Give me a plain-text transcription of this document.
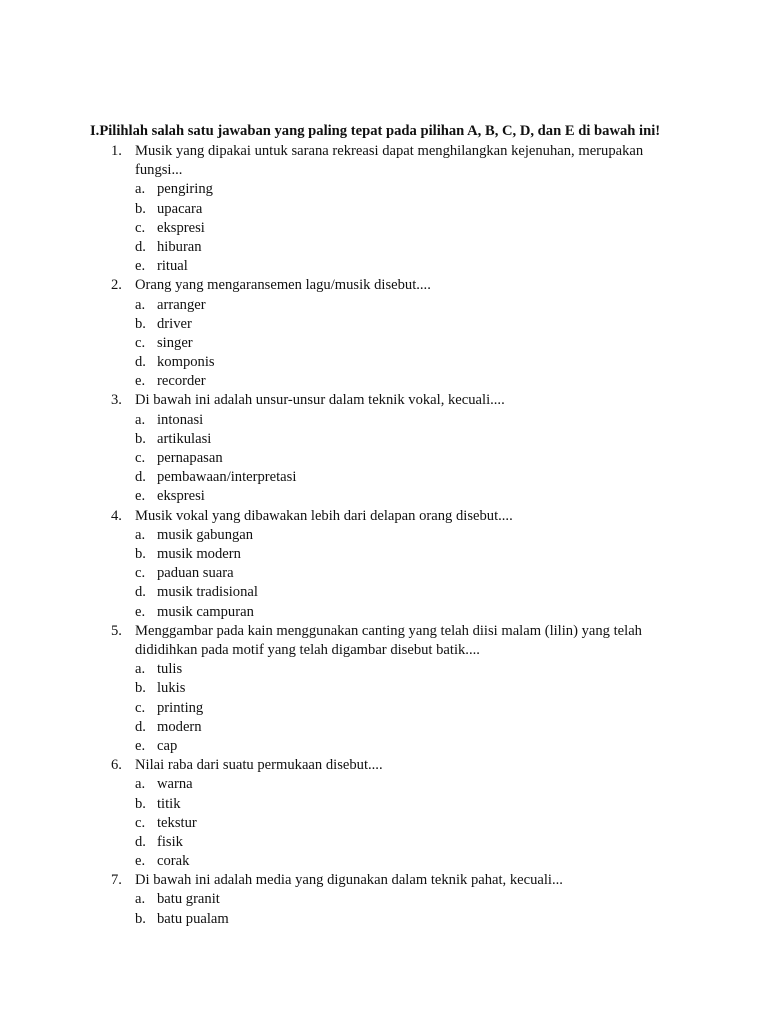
I.Pilihlah salah satu jawaban yang paling tepat pada pilihan A, B, C, D, dan E di bawah ini!
1. Musik yang dipakai untuk sarana rekreasi dapat menghilangkan kejenuhan, merupakan fungsi...
a. pengiring
b. upacara
c. ekspresi
d. hiburan
e. ritual
2. Orang yang mengaransemen lagu/musik disebut....
a. arranger
b. driver
c. singer
d. komponis
e. recorder
3. Di bawah ini adalah unsur-unsur dalam teknik vokal, kecuali....
a. intonasi
b. artikulasi
c. pernapasan
d. pembawaan/interpretasi
e. ekspresi
4. Musik vokal yang dibawakan lebih dari delapan orang disebut....
a. musik gabungan
b. musik modern
c. paduan suara
d. musik tradisional
e. musik campuran
5. Menggambar pada kain menggunakan canting yang telah diisi malam (lilin) yang telah dididihkan pada motif yang telah digambar disebut batik....
a. tulis
b. lukis
c. printing
d. modern
e. cap
6. Nilai raba dari suatu permukaan disebut....
a. warna
b. titik
c. tekstur
d. fisik
e. corak
7. Di bawah ini adalah media yang digunakan dalam teknik pahat, kecuali...
a. batu granit
b. batu pualam
